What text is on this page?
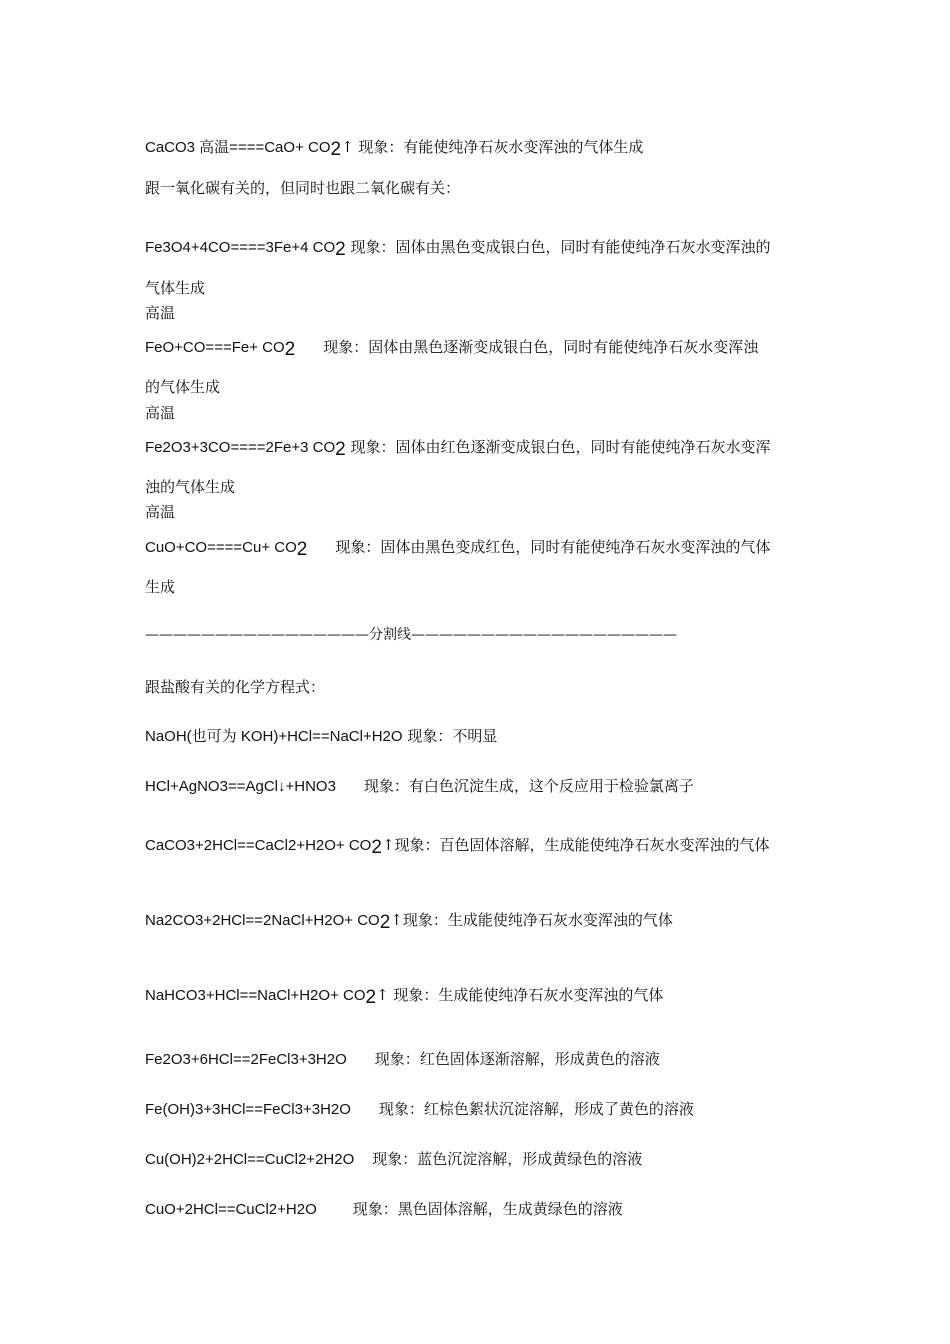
CaCO3 高温====CaO+ CO2↑ 现象：有能使纯净石灰水变浑浊的气体生成
跟一氧化碳有关的，但同时也跟二氧化碳有关：
Fe3O4+4CO====3Fe+4 CO2 现象：固体由黑色变成银白色，同时有能使纯净石灰水变浑浊的
气体生成
高温
FeO+CO===Fe+ CO2 现象：固体由黑色逐渐变成银白色，同时有能使纯净石灰水变浑浊
的气体生成
高温
Fe2O3+3CO====2Fe+3 CO2 现象：固体由红色逐渐变成银白色，同时有能使纯净石灰水变浑
浊的气体生成
高温
CuO+CO====Cu+ CO2 现象：固体由黑色变成红色，同时有能使纯净石灰水变浑浊的气体
生成
————————————————分割线———————————————————
跟盐酸有关的化学方程式：
NaOH(也可为 KOH)+HCl==NaCl+H2O 现象：不明显
HCl+AgNO3==AgCl↓+HNO3 现象：有白色沉淀生成，这个反应用于检验氯离子
CaCO3+2HCl==CaCl2+H2O+ CO2↑现象：百色固体溶解，生成能使纯净石灰水变浑浊的气体
Na2CO3+2HCl==2NaCl+H2O+ CO2↑现象：生成能使纯净石灰水变浑浊的气体
NaHCO3+HCl==NaCl+H2O+ CO2↑ 现象：生成能使纯净石灰水变浑浊的气体
Fe2O3+6HCl==2FeCl3+3H2O 现象：红色固体逐渐溶解，形成黄色的溶液
Fe(OH)3+3HCl==FeCl3+3H2O 现象：红棕色絮状沉淀溶解，形成了黄色的溶液
Cu(OH)2+2HCl==CuCl2+2H2O 现象：蓝色沉淀溶解，形成黄绿色的溶液
CuO+2HCl==CuCl2+H2O 现象：黑色固体溶解，生成黄绿色的溶液
